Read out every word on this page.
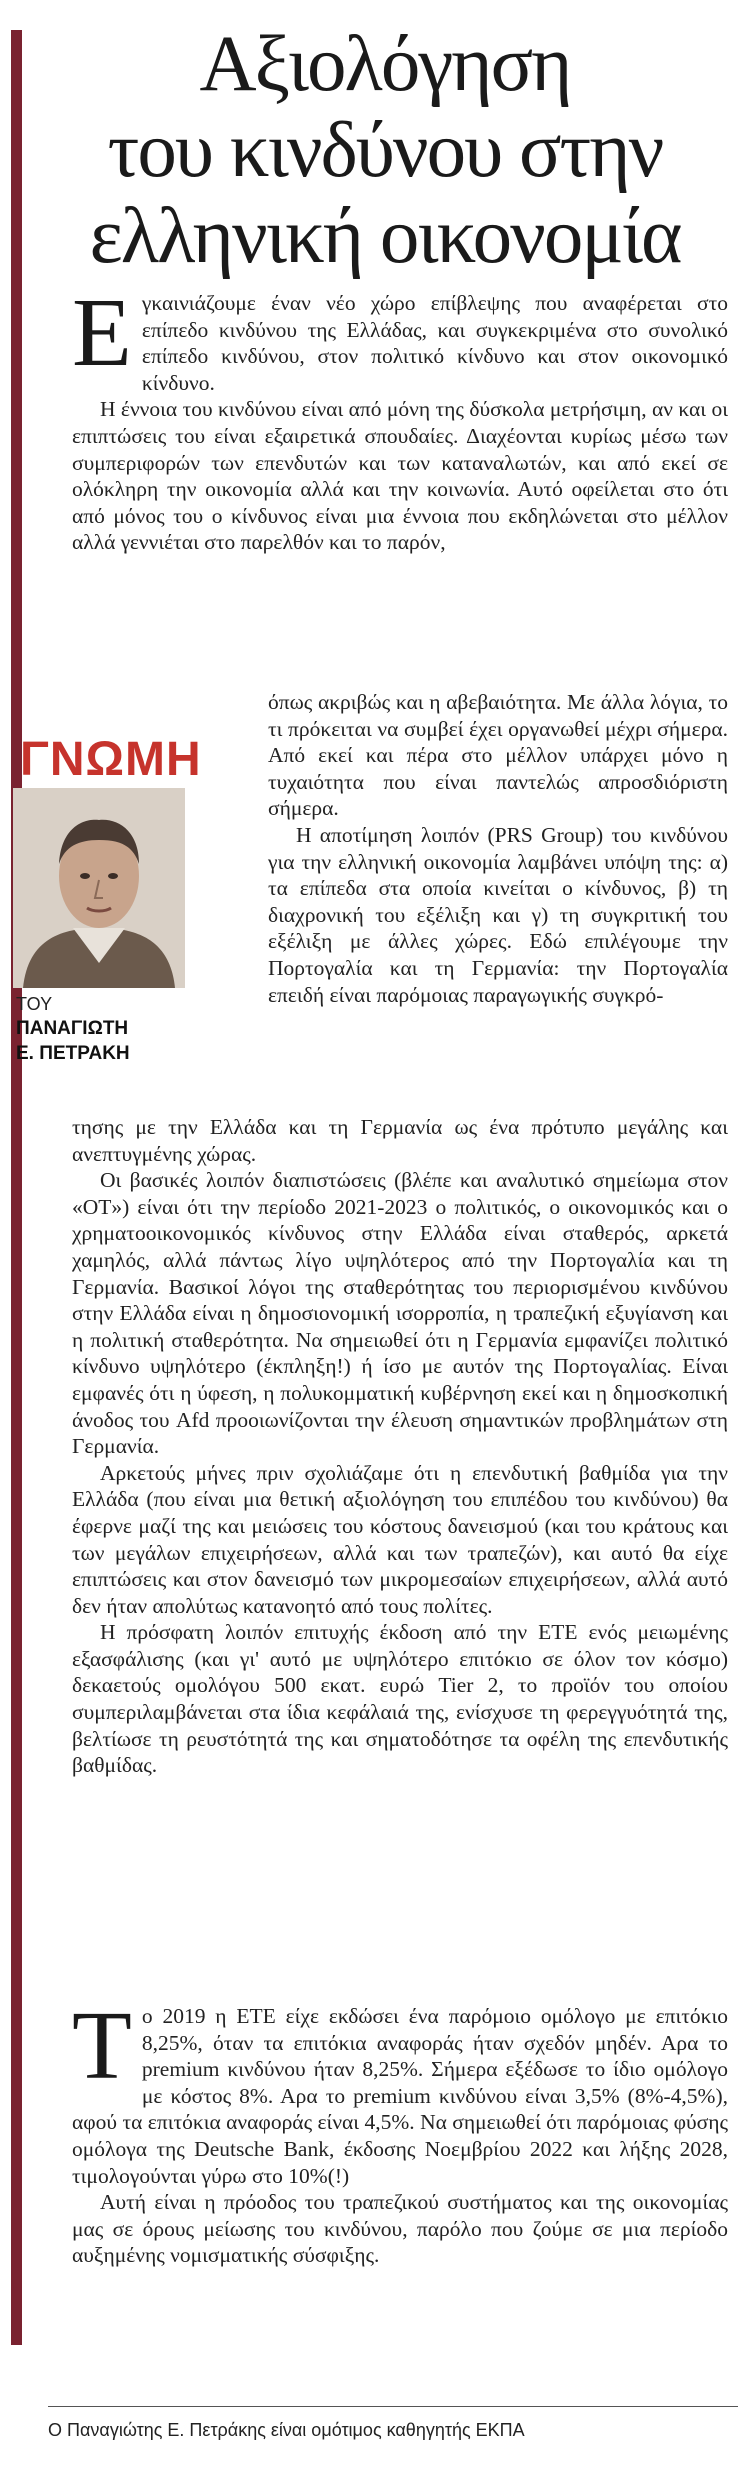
Αξιολόγηση
του κινδύνου στην
ελληνική οικονομία

Εγκαινιάζουμε έναν νέο χώρο επίβλεψης που αναφέρεται στο επίπεδο κινδύνου της Ελλάδας, και συγκεκριμένα στο συνολικό επίπεδο κινδύνου, στον πολιτικό κίνδυνο και στον οικονομικό κίνδυνο.

Η έννοια του κινδύνου είναι από μόνη της δύσκολα μετρήσιμη, αν και οι επιπτώσεις του είναι εξαιρετικά σπουδαίες. Διαχέονται κυρίως μέσω των συμπεριφορών των επενδυτών και των καταναλωτών, και από εκεί σε ολόκληρη την οικονομία αλλά και την κοινωνία. Αυτό οφείλεται στο ότι από μόνος του ο κίνδυνος είναι μια έννοια που εκδηλώνεται στο μέλλον αλλά γεννιέται στο παρελθόν και το παρόν,

ΓΝΩΜΗ
ΤΟΥ
ΠΑΝΑΓΙΩΤΗ
Ε. ΠΕΤΡΑΚΗ

όπως ακριβώς και η αβεβαιότητα. Με άλλα λόγια, το τι πρόκειται να συμβεί έχει οργανωθεί μέχρι σήμερα. Από εκεί και πέρα στο μέλλον υπάρχει μόνο η τυχαιότητα που είναι παντελώς απροσδιόριστη σήμερα.

Η αποτίμηση λοιπόν (PRS Group) του κινδύνου για την ελληνική οικονομία λαμβάνει υπόψη της: α) τα επίπεδα στα οποία κινείται ο κίνδυνος, β) τη διαχρονική του εξέλιξη και γ) τη συγκριτική του εξέλιξη με άλλες χώρες. Εδώ επιλέγουμε την Πορτογαλία και τη Γερμανία: την Πορτογαλία επειδή είναι παρόμοιας παραγωγικής συγκρό-

τησης με την Ελλάδα και τη Γερμανία ως ένα πρότυπο μεγάλης και ανεπτυγμένης χώρας.

Οι βασικές λοιπόν διαπιστώσεις (βλέπε και αναλυτικό σημείωμα στον «ΟΤ») είναι ότι την περίοδο 2021-2023 ο πολιτικός, ο οικονομικός και ο χρηματοοικονομικός κίνδυνος στην Ελλάδα είναι σταθερός, αρκετά χαμηλός, αλλά πάντως λίγο υψηλότερος από την Πορτογαλία και τη Γερμανία. Βασικοί λόγοι της σταθερότητας του περιορισμένου κινδύνου στην Ελλάδα είναι η δημοσιονομική ισορροπία, η τραπεζική εξυγίανση και η πολιτική σταθερότητα. Να σημειωθεί ότι η Γερμανία εμφανίζει πολιτικό κίνδυνο υψηλότερο (έκπληξη!) ή ίσο με αυτόν της Πορτογαλίας. Είναι εμφανές ότι η ύφεση, η πολυκομματική κυβέρνηση εκεί και η δημοσκοπική άνοδος του Afd προοιωνίζονται την έλευση σημαντικών προβλημάτων στη Γερμανία.

Αρκετούς μήνες πριν σχολιάζαμε ότι η επενδυτική βαθμίδα για την Ελλάδα (που είναι μια θετική αξιολόγηση του επιπέδου του κινδύνου) θα έφερνε μαζί της και μειώσεις του κόστους δανεισμού (και του κράτους και των μεγάλων επιχειρήσεων, αλλά και των τραπεζών), και αυτό θα είχε επιπτώσεις και στον δανεισμό των μικρομεσαίων επιχειρήσεων, αλλά αυτό δεν ήταν απολύτως κατανοητό από τους πολίτες.

Η πρόσφατη λοιπόν επιτυχής έκδοση από την ΕΤΕ ενός μειωμένης εξασφάλισης (και γι' αυτό με υψηλότερο επιτόκιο σε όλον τον κόσμο) δεκαετούς ομολόγου 500 εκατ. ευρώ Tier 2, το προϊόν του οποίου συμπεριλαμβάνεται στα ίδια κεφάλαιά της, ενίσχυσε τη φερεγγυότητά της, βελτίωσε τη ρευστότητά της και σηματοδότησε τα οφέλη της επενδυτικής βαθμίδας.

Το 2019 η ΕΤΕ είχε εκδώσει ένα παρόμοιο ομόλογο με επιτόκιο 8,25%, όταν τα επιτόκια αναφοράς ήταν σχεδόν μηδέν. Αρα το premium κινδύνου ήταν 8,25%. Σήμερα εξέδωσε το ίδιο ομόλογο με κόστος 8%. Αρα το premium κινδύνου είναι 3,5% (8%-4,5%), αφού τα επιτόκια αναφοράς είναι 4,5%. Να σημειωθεί ότι παρόμοιας φύσης ομόλογα της Deutsche Bank, έκδοσης Νοεμβρίου 2022 και λήξης 2028, τιμολογούνται γύρω στο 10%(!)

Αυτή είναι η πρόοδος του τραπεζικού συστήματος και της οικονομίας μας σε όρους μείωσης του κινδύνου, παρόλο που ζούμε σε μια περίοδο αυξημένης νομισματικής σύσφιξης.

Ο Παναγιώτης Ε. Πετράκης είναι ομότιμος καθηγητής ΕΚΠΑ
